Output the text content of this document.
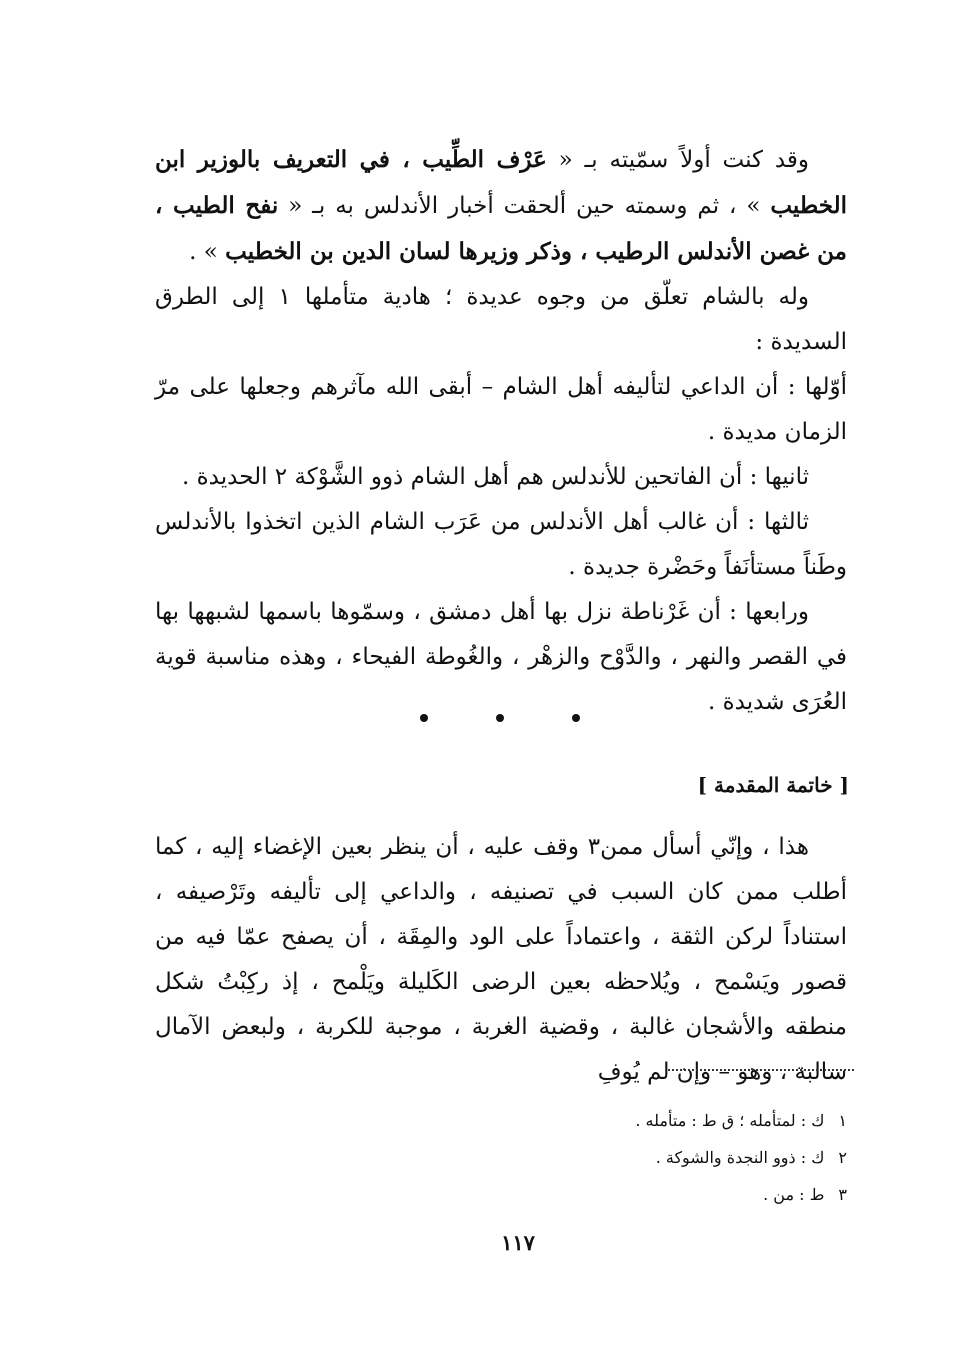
وقد كنت أولاً سمّيته بـ « عَرْف الطِّيب ، في التعريف بالوزير ابن الخطيب » ، ثم وسمته حين ألحقت أخبار الأندلس به بـ « نفح الطيب ، من غصن الأندلس الرطيب ، وذكر وزيرها لسان الدين بن الخطيب » .

وله بالشام تعلّق من وجوه عديدة ؛ هادية متأملها ١ إلى الطرق السديدة :

أوّلها : أن الداعي لتأليفه أهل الشام – أبقى الله مآثرهم وجعلها على مرّ الزمان مديدة .

ثانيها : أن الفاتحين للأندلس هم أهل الشام ذوو الشَّوْكة ٢ الحديدة .

ثالثها : أن غالب أهل الأندلس من عَرَب الشام الذين اتخذوا بالأندلس وطَناً مستأنَفاً وحَضْرة جديدة .

ورابعها : أن غَرْناطة نزل بها أهل دمشق ، وسمّوها باسمها لشبهها بها في القصر والنهر ، والدَّوْح والزهْر ، والغُوطة الفيحاء ، وهذه مناسبة قوية العُرَى شديدة .

[ خاتمة المقدمة ]

هذا ، وإنّي أسأل ممن٣ وقف عليه ، أن ينظر بعين الإغضاء إليه ، كما أطلب ممن كان السبب في تصنيفه ، والداعي إلى تأليفه وتَرْصيفه ، استناداً لركن الثقة ، واعتماداً على الود والمِقَة ، أن يصفح عمّا فيه من قصور ويَسْمح ، ويُلاحظه بعين الرضى الكَليلة ويَلْمح ، إذ ركِبْتُ شكل منطقه والأشجان غالبة ، وقضية الغربة ، موجبة للكربة ، ولبعض الآمال سالبة ، وهو – وإن لم يُوفِ

١ك : لمتأمله ؛ ق ط : متأمله .
٢ك : ذوو النجدة والشوكة .
٣ط : من .
١١٧
